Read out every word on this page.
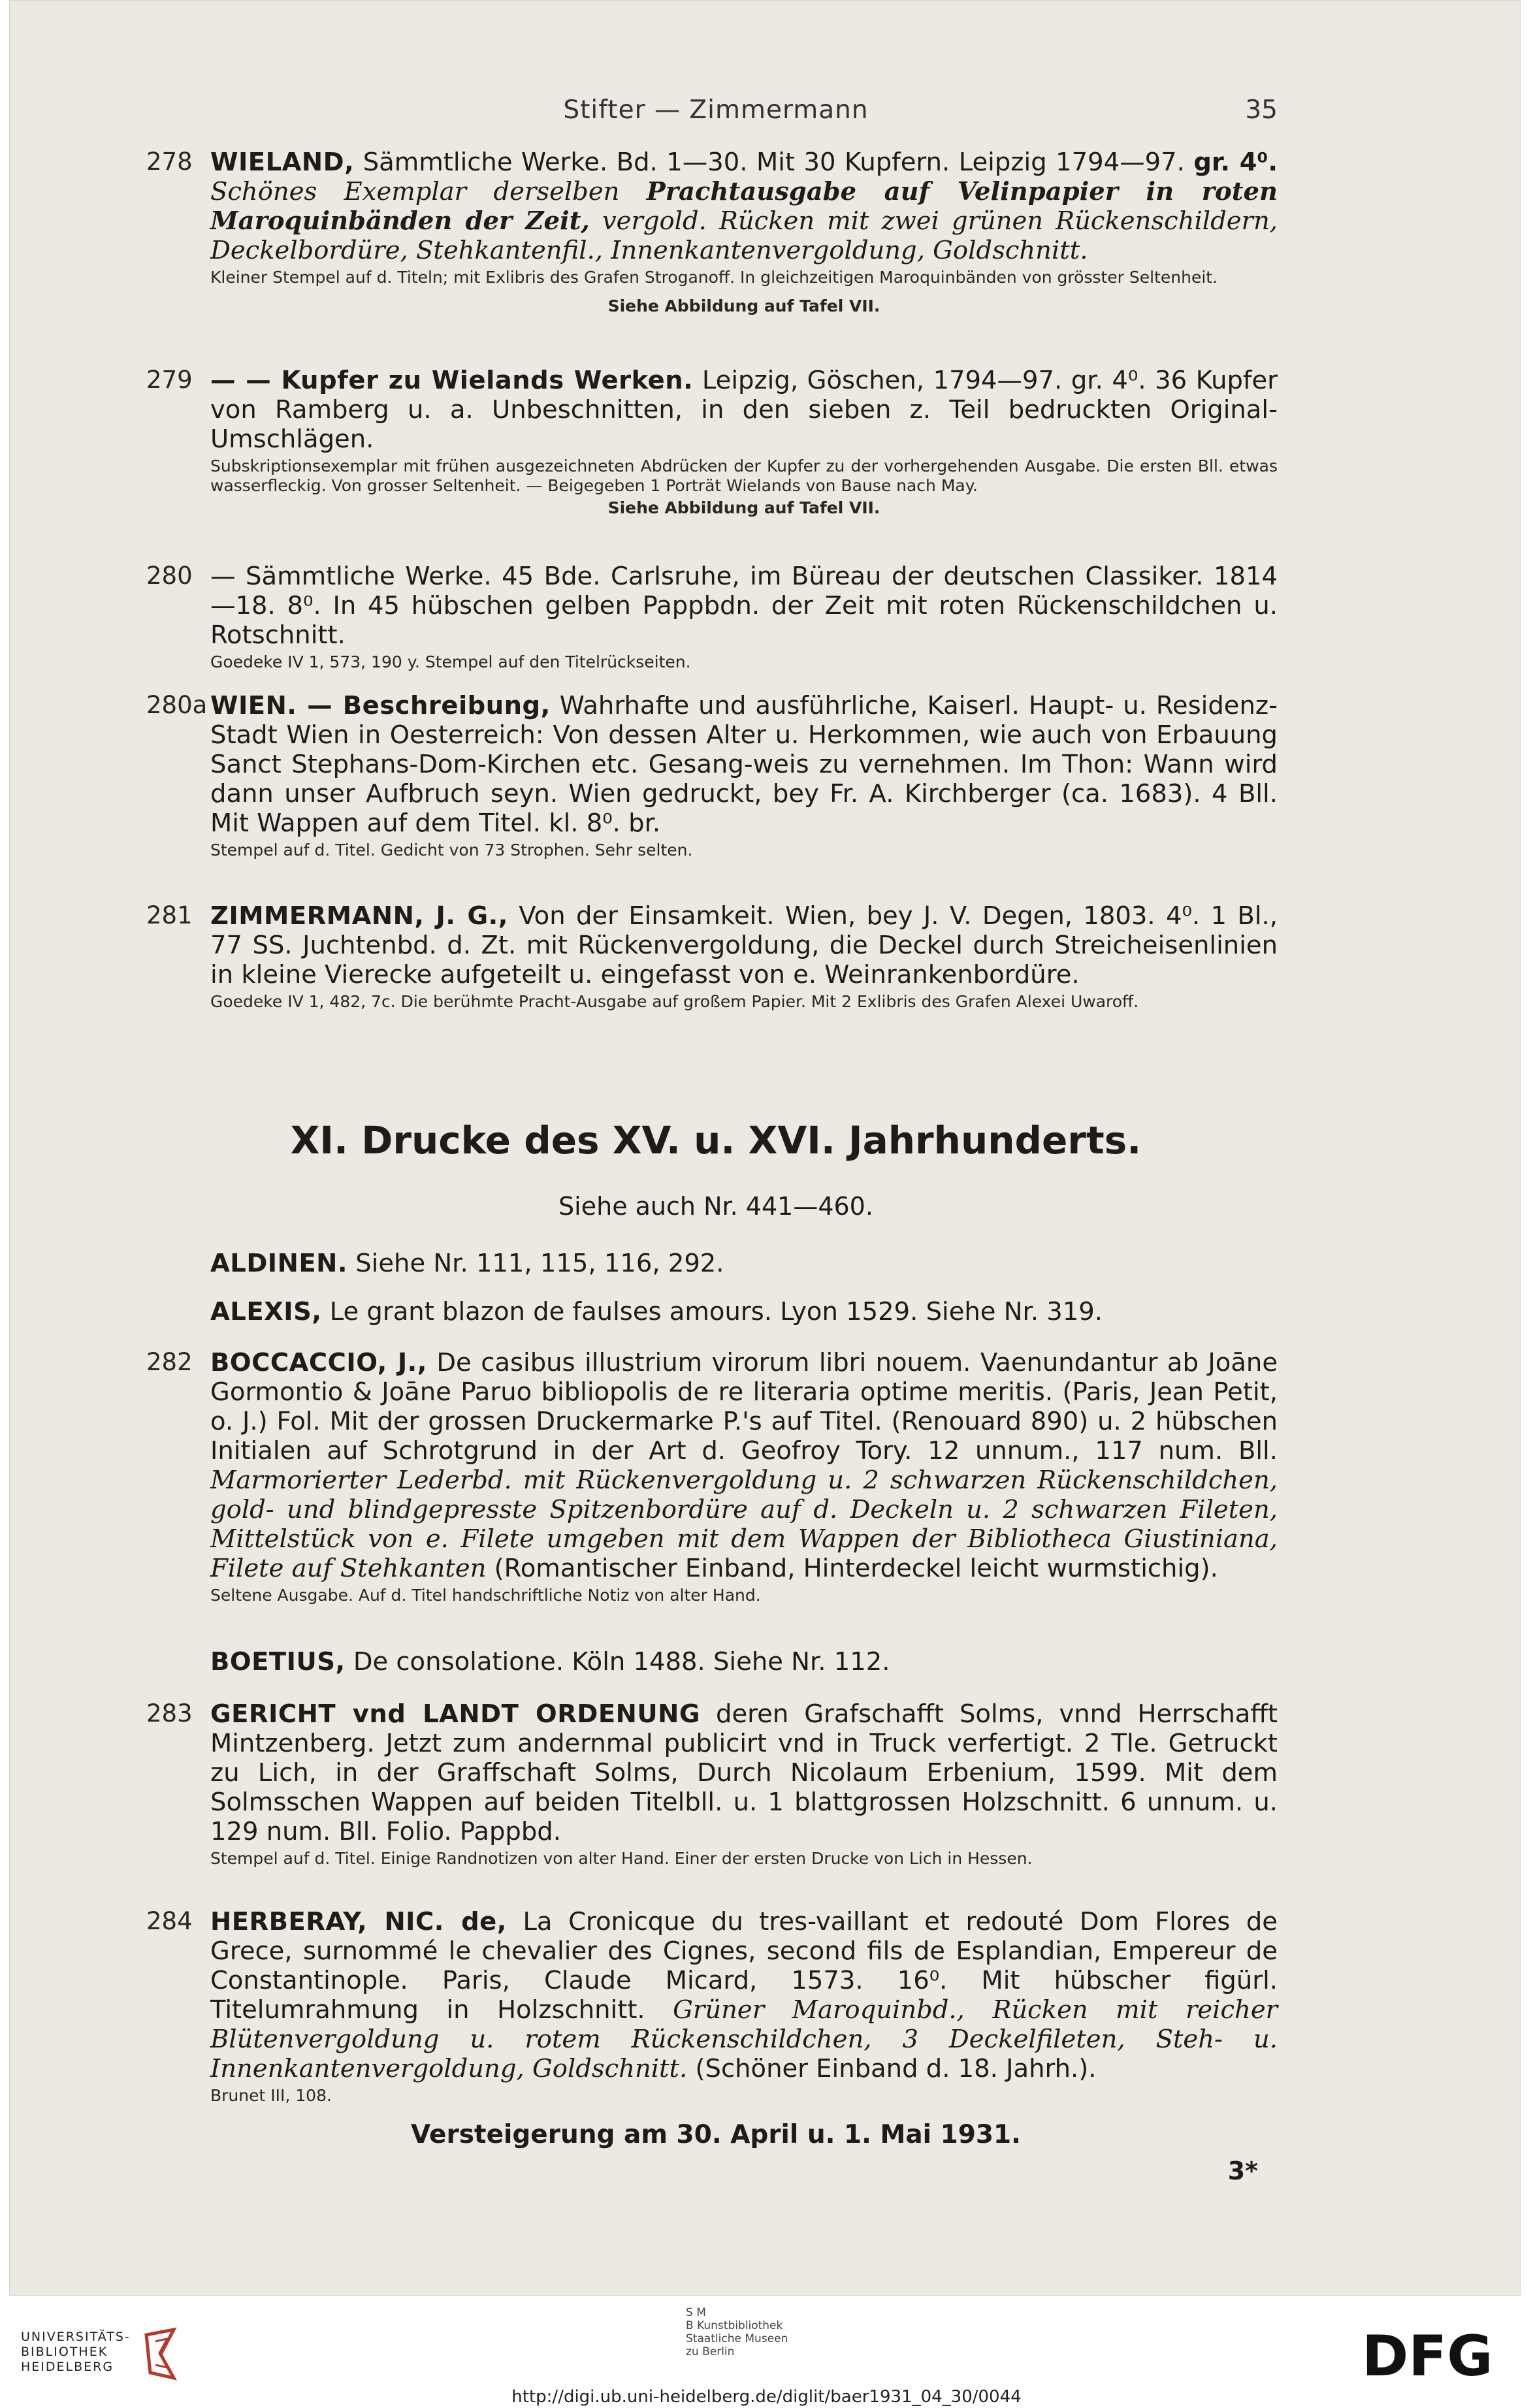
Stifter — Zimmermann	35
278 WIELAND, Sämmtliche Werke. Bd. 1—30. Mit 30 Kupfern. Leipzig 1794—97. gr. 4⁰. Schönes Exemplar derselben Prachtausgabe auf Velinpapier in roten Maroquinbänden der Zeit, vergold. Rücken mit zwei grünen Rückenschildern, Deckelbordüre, Stehkantenfil., Innenkantenvergoldung, Goldschnitt.

Kleiner Stempel auf d. Titeln; mit Exlibris des Grafen Stroganoff. In gleichzeitigen Maroquinbänden von grösster Seltenheit.

Siehe Abbildung auf Tafel VII.

279 — — Kupfer zu Wielands Werken. Leipzig, Göschen, 1794—97. gr. 4⁰. 36 Kupfer von Ramberg u. a. Unbeschnitten, in den sieben z. Teil bedruckten Original-Umschlägen.

Subskriptionsexemplar mit frühen ausgezeichneten Abdrücken der Kupfer zu der vorhergehenden Ausgabe. Die ersten Bll. etwas wasserfleckig. Von grosser Seltenheit. — Beigegeben 1 Porträt Wielands von Bause nach May.

Siehe Abbildung auf Tafel VII.

280 — Sämmtliche Werke. 45 Bde. Carlsruhe, im Büreau der deutschen Classiker. 1814—18. 8⁰. In 45 hübschen gelben Pappbdn. der Zeit mit roten Rückenschildchen u. Rotschnitt.

Goedeke IV 1, 573, 190 y. Stempel auf den Titelrückseiten.

280a WIEN. — Beschreibung, Wahrhafte und ausführliche, Kaiserl. Haupt- u. Residenz-Stadt Wien in Oesterreich: Von dessen Alter u. Herkommen, wie auch von Erbauung Sanct Stephans-Dom-Kirchen etc. Gesang-weis zu vernehmen. Im Thon: Wann wird dann unser Aufbruch seyn. Wien gedruckt, bey Fr. A. Kirchberger (ca. 1683). 4 Bll. Mit Wappen auf dem Titel. kl. 8⁰. br.

Stempel auf d. Titel. Gedicht von 73 Strophen. Sehr selten.

281 ZIMMERMANN, J. G., Von der Einsamkeit. Wien, bey J. V. Degen, 1803. 4⁰. 1 Bl., 77 SS. Juchtenbd. d. Zt. mit Rückenvergoldung, die Deckel durch Streicheisenlinien in kleine Vierecke aufgeteilt u. eingefasst von e. Weinrankenbordüre.

Goedeke IV 1, 482, 7c. Die berühmte Pracht-Ausgabe auf großem Papier. Mit 2 Exlibris des Grafen Alexei Uwaroff.

XI. Drucke des XV. u. XVI. Jahrhunderts.
Siehe auch Nr. 441—460.

ALDINEN. Siehe Nr. 111, 115, 116, 292.

ALEXIS, Le grant blazon de faulses amours. Lyon 1529. Siehe Nr. 319.

282 BOCCACCIO, J., De casibus illustrium virorum libri nouem. Vaenundantur ab Joāne Gormontio & Joāne Paruo bibliopolis de re literaria optime meritis. (Paris, Jean Petit, o. J.) Fol. Mit der grossen Druckermarke P.'s auf Titel. (Renouard 890) u. 2 hübschen Initialen auf Schrotgrund in der Art d. Geofroy Tory. 12 unnum., 117 num. Bll. Marmorierter Lederbd. mit Rückenvergoldung u. 2 schwarzen Rückenschildchen, gold- und blindgepresste Spitzenbordüre auf d. Deckeln u. 2 schwarzen Fileten, Mittelstück von e. Filete umgeben mit dem Wappen der Bibliotheca Giustiniana, Filete auf Stehkanten (Romantischer Einband, Hinterdeckel leicht wurmstichig).

Seltene Ausgabe. Auf d. Titel handschriftliche Notiz von alter Hand.

BOETIUS, De consolatione. Köln 1488. Siehe Nr. 112.

283 GERICHT vnd LANDT ORDENUNG deren Grafschafft Solms, vnnd Herrschafft Mintzenberg. Jetzt zum andernmal publicirt vnd in Truck verfertigt. 2 Tle. Getruckt zu Lich, in der Graffschaft Solms, Durch Nicolaum Erbenium, 1599. Mit dem Solmsschen Wappen auf beiden Titelbll. u. 1 blattgrossen Holzschnitt. 6 unnum. u. 129 num. Bll. Folio. Pappbd.

Stempel auf d. Titel. Einige Randnotizen von alter Hand. Einer der ersten Drucke von Lich in Hessen.

284 HERBERAY, NIC. de, La Cronicque du tres-vaillant et redouté Dom Flores de Grece, surnommé le chevalier des Cignes, second fils de Esplandian, Empereur de Constantinople. Paris, Claude Micard, 1573. 16⁰. Mit hübscher figürl. Titelumrahmung in Holzschnitt. Grüner Maroquinbd., Rücken mit reicher Blütenvergoldung u. rotem Rückenschildchen, 3 Deckelfileten, Steh- u. Innenkantenvergoldung, Goldschnitt. (Schöner Einband d. 18. Jahrh.).

Brunet III, 108.

Versteigerung am 30. April u. 1. Mai 1931.
3*
UNIVERSITÄTS-
BIBLIOTHEK
HEIDELBERG
S M
B Kunstbibliothek
Staatliche Museen
zu Berlin	DFG
http://digi.ub.uni-heidelberg.de/diglit/baer1931_04_30/0044
